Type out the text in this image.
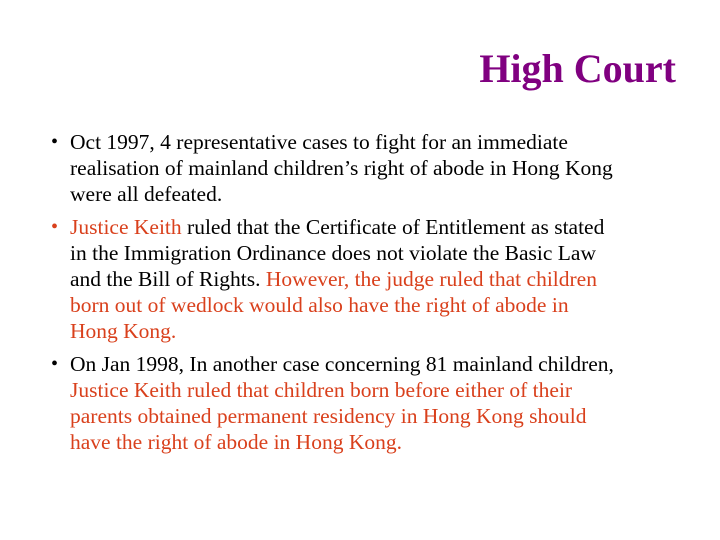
High Court
• Oct 1997, 4 representative cases to fight for an immediate
realisation of mainland children’s right of abode in Hong Kong
were all defeated.
• Justice Keith ruled that the Certificate of Entitlement as stated
in the Immigration Ordinance does not violate the Basic Law
and the Bill of Rights. However, the judge ruled that children
born out of wedlock would also have the right of abode in
Hong Kong.
• On Jan 1998, In another case concerning 81 mainland children,
Justice Keith ruled that children born before either of their
parents obtained permanent residency in Hong Kong should
have the right of abode in Hong Kong.
